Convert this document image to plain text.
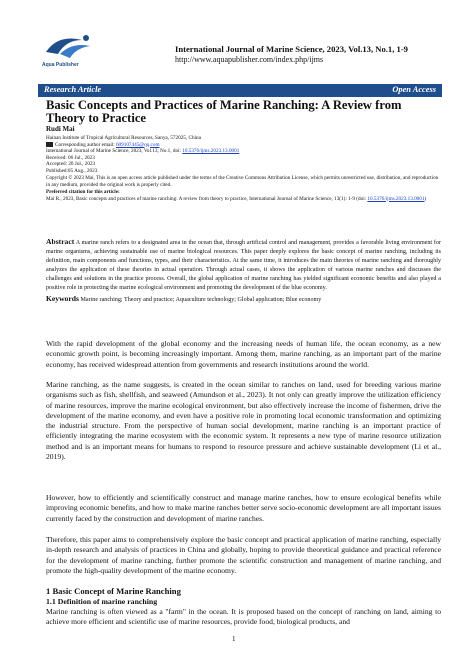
Aqua Publisher
International Journal of Marine Science, 2023, Vol.13, No.1, 1-9
http://www.aquapublisher.com/index.php/ijms
Research Article	Open Access
Basic Concepts and Practices of Marine Ranching: A Review from Theory to Practice
Rudi Mai
Hainan Institute of Tropical Agricultural Resources, Sanya, 572025, China
Corresponding author email: 609107445@qq.com
International Journal of Marine Science, 2023, Vol.13, No.1, doi: 10.5376/ijms.2023.13.0001
Received: 06 Jul., 2023
Accepted: 20 Jul., 2023
Published:05 Aug., 2023
Copyright © 2023 Mai, This is an open access article published under the terms of the Creative Commons Attribution License, which permits unrestricted use, distribution, and reproduction in any medium, provided the original work is properly cited.
Preferred citation for this article:
Mai R., 2023, Basic concepts and practices of marine ranching: A review from theory to practice, International Journal of Marine Science, 13(1): 1-9 (doi: 10.5376/ijms.2023.13.0001)
Abstract A marine ranch refers to a designated area in the ocean that, through artificial control and management, provides a favorable living environment for marine organisms, achieving sustainable use of marine biological resources. This paper deeply explores the basic concept of marine ranching, including its definition, main components and functions, types, and their characteristics. At the same time, it introduces the main theories of marine ranching and thoroughly analyzes the application of these theories in actual operation. Through actual cases, it shows the application of various marine ranches and discusses the challenges and solutions in the practice process. Overall, the global application of marine ranching has yielded significant economic benefits and also played a positive role in protecting the marine ecological environment and promoting the development of the blue economy.
Keywords Marine ranching; Theory and practice; Aquaculture technology; Global application; Blue economy
With the rapid development of the global economy and the increasing needs of human life, the ocean economy, as a new economic growth point, is becoming increasingly important. Among them, marine ranching, as an important part of the marine economy, has received widespread attention from governments and research institutions around the world.
Marine ranching, as the name suggests, is created in the ocean similar to ranches on land, used for breeding various marine organisms such as fish, shellfish, and seaweed (Amundson et al., 2023). It not only can greatly improve the utilization efficiency of marine resources, improve the marine ecological environment, but also effectively increase the income of fishermen, drive the development of the marine economy, and even have a positive role in promoting local economic transformation and optimizing the industrial structure. From the perspective of human social development, marine ranching is an important practice of efficiently integrating the marine ecosystem with the economic system. It represents a new type of marine resource utilization method and is an important means for humans to respond to resource pressure and achieve sustainable development (Li et al., 2019).
However, how to efficiently and scientifically construct and manage marine ranches, how to ensure ecological benefits while improving economic benefits, and how to make marine ranches better serve socio-economic development are all important issues currently faced by the construction and development of marine ranches.
Therefore, this paper aims to comprehensively explore the basic concept and practical application of marine ranching, especially in-depth research and analysis of practices in China and globally, hoping to provide theoretical guidance and practical reference for the development of marine ranching, further promote the scientific construction and management of marine ranching, and promote the high-quality development of the marine economy.
1 Basic Concept of Marine Ranching
1.1 Definition of marine ranching
Marine ranching is often viewed as a "farm" in the ocean. It is proposed based on the concept of ranching on land, aiming to achieve more efficient and scientific use of marine resources, provide food, biological products, and
1
